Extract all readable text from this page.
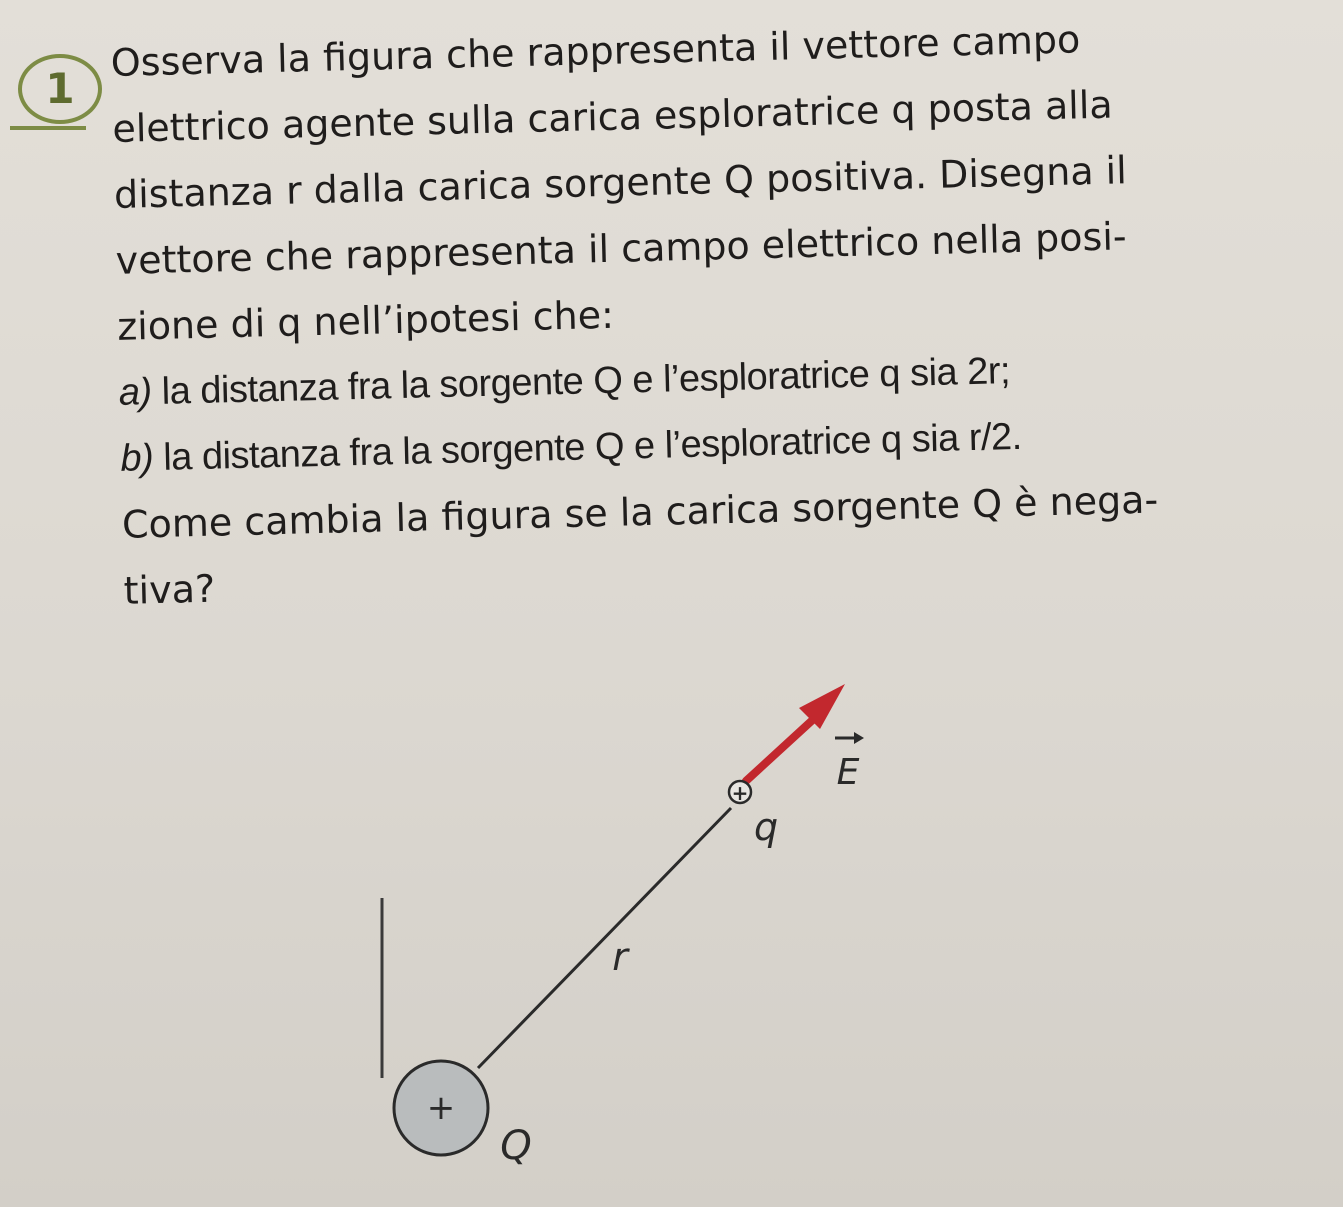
1
Osserva la figura che rappresenta il vettore campo
elettrico agente sulla carica esploratrice q posta alla
distanza r dalla carica sorgente Q positiva. Disegna il
vettore che rappresenta il campo elettrico nella posi-
zione di q nell’ipotesi che:
a) la distanza fra la sorgente Q e l’esploratrice q sia 2r;
b) la distanza fra la sorgente Q e l’esploratrice q sia r/2.
Come cambia la figura se la carica sorgente Q è nega-
tiva?
E
+
q
r
+
Q
